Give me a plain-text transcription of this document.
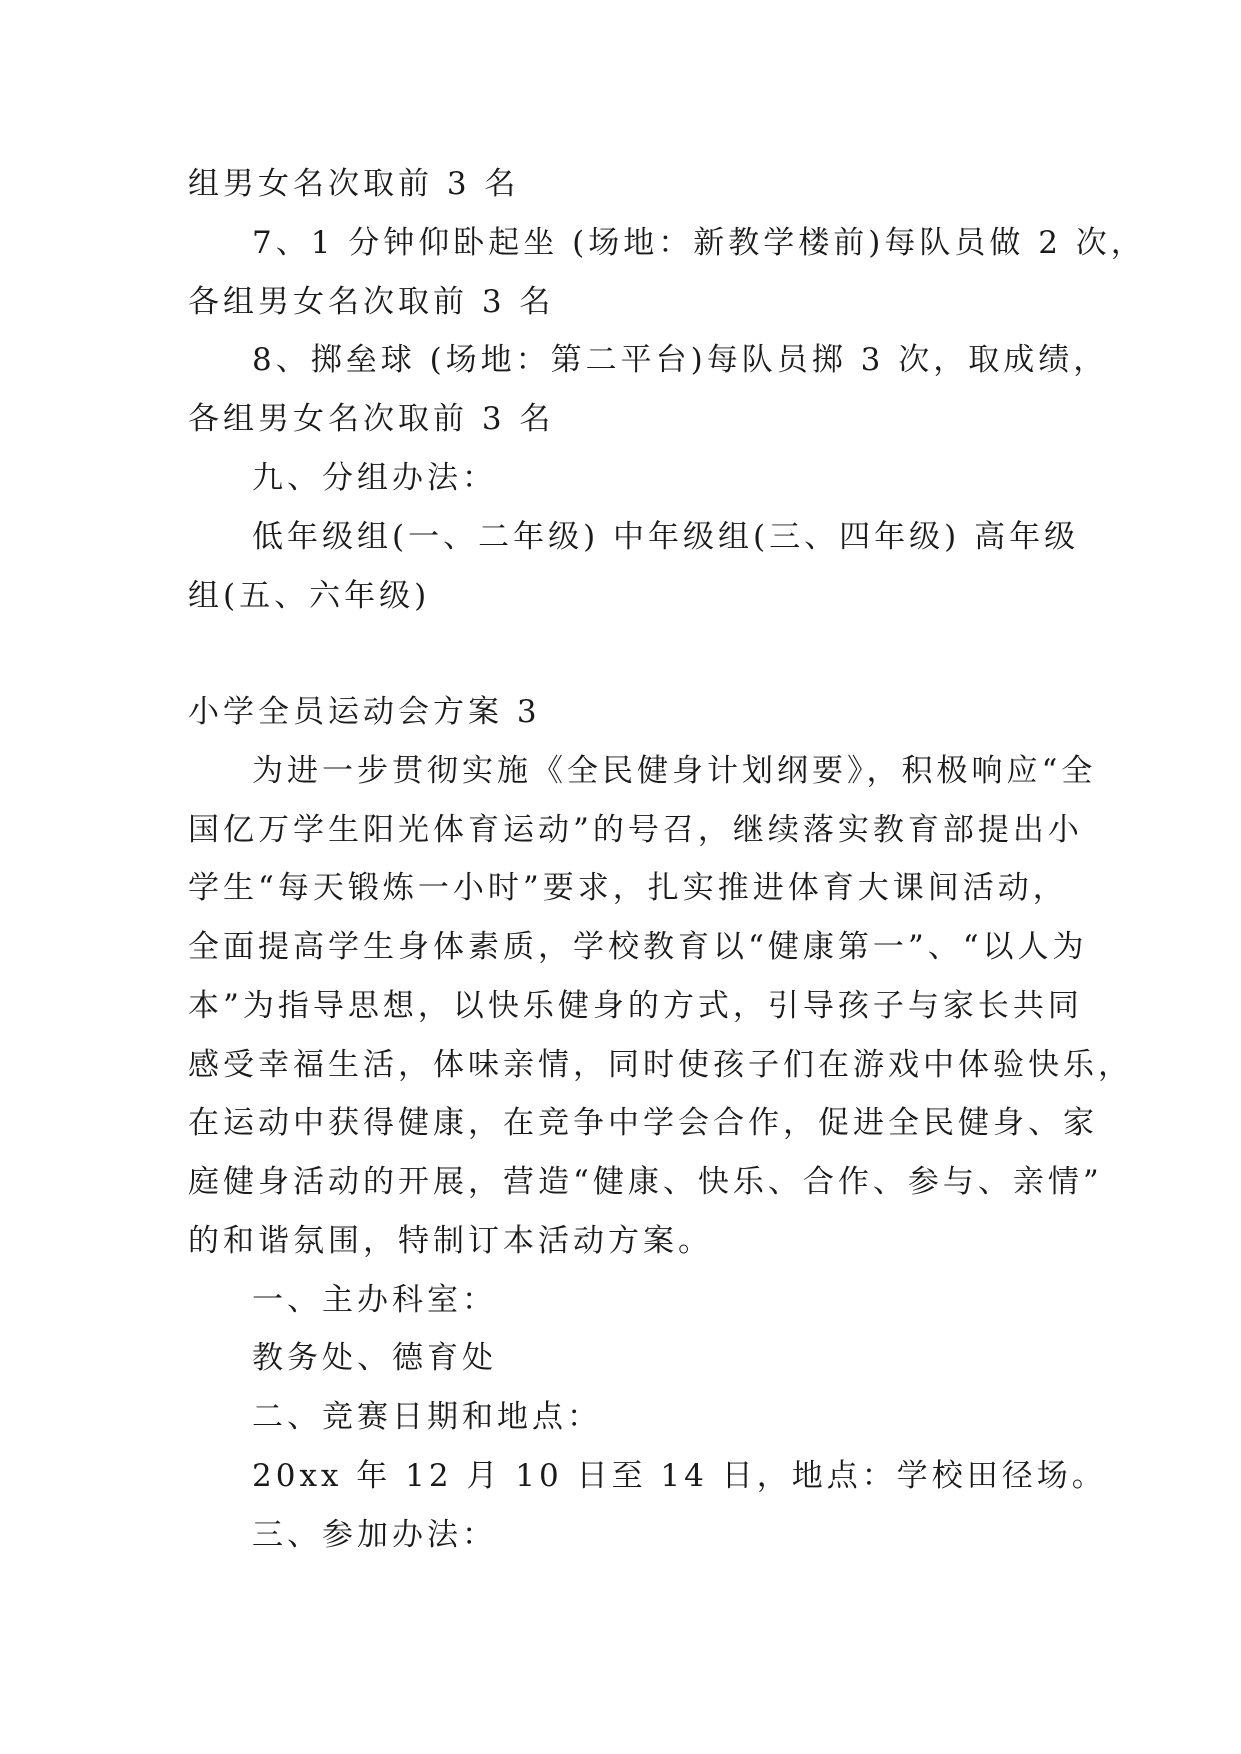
组男女名次取前 3 名
7、1 分钟仰卧起坐 (场地：新教学楼前)每队员做 2 次，
各组男女名次取前 3 名
8、掷垒球 (场地：第二平台)每队员掷 3 次，取成绩，
各组男女名次取前 3 名
九、分组办法：
低年级组(一、二年级) 中年级组(三、四年级) 高年级
组(五、六年级)
小学全员运动会方案 3
为进一步贯彻实施《全民健身计划纲要》，积极响应“全
国亿万学生阳光体育运动”的号召，继续落实教育部提出小
学生“每天锻炼一小时”要求，扎实推进体育大课间活动，
全面提高学生身体素质，学校教育以“健康第一”、“以人为
本”为指导思想，以快乐健身的方式，引导孩子与家长共同
感受幸福生活，体味亲情，同时使孩子们在游戏中体验快乐，
在运动中获得健康，在竞争中学会合作，促进全民健身、家
庭健身活动的开展，营造“健康、快乐、合作、参与、亲情”
的和谐氛围，特制订本活动方案。
一、主办科室：
教务处、德育处
二、竞赛日期和地点：
20xx 年 12 月 10 日至 14 日，地点：学校田径场。
三、参加办法：
